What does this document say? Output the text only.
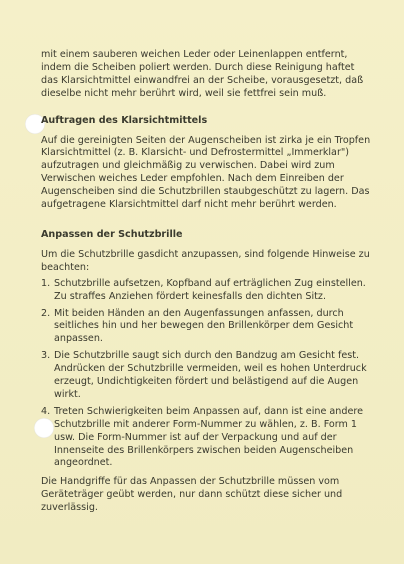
mit einem sauberen weichen Leder oder Leinenlappen entfernt, indem die Scheiben poliert werden. Durch diese Reinigung haftet das Klarsichtmittel einwandfrei an der Scheibe, vorausgesetzt, daß dieselbe nicht mehr berührt wird, weil sie fettfrei sein muß.

Auftragen des Klarsichtmittels

Auf die gereinigten Seiten der Augenscheiben ist zirka je ein Tropfen Klarsichtmittel (z. B. Klarsicht- und Defrostermittel „Immerklar") aufzutragen und gleichmäßig zu verwischen. Dabei wird zum Verwischen weiches Leder empfohlen. Nach dem Einreiben der Augenscheiben sind die Schutzbrillen staubgeschützt zu lagern. Das aufgetragene Klarsichtmittel darf nicht mehr berührt werden.

Anpassen der Schutzbrille

Um die Schutzbrille gasdicht anzupassen, sind folgende Hinweise zu beachten:

1. Schutzbrille aufsetzen, Kopfband auf erträglichen Zug einstellen. Zu straffes Anziehen fördert keinesfalls den dichten Sitz.
2. Mit beiden Händen an den Augenfassungen anfassen, durch seitliches hin und her bewegen den Brillenkörper dem Gesicht anpassen.
3. Die Schutzbrille saugt sich durch den Bandzug am Gesicht fest. Andrücken der Schutzbrille vermeiden, weil es hohen Unterdruck erzeugt, Undichtigkeiten fördert und belästigend auf die Augen wirkt.
4. Treten Schwierigkeiten beim Anpassen auf, dann ist eine andere Schutzbrille mit anderer Form-Nummer zu wählen, z. B. Form 1 usw. Die Form-Nummer ist auf der Verpackung und auf der Innenseite des Brillenkörpers zwischen beiden Augenscheiben angeordnet.

Die Handgriffe für das Anpassen der Schutzbrille müssen vom Geräteträger geübt werden, nur dann schützt diese sicher und zuverlässig.
